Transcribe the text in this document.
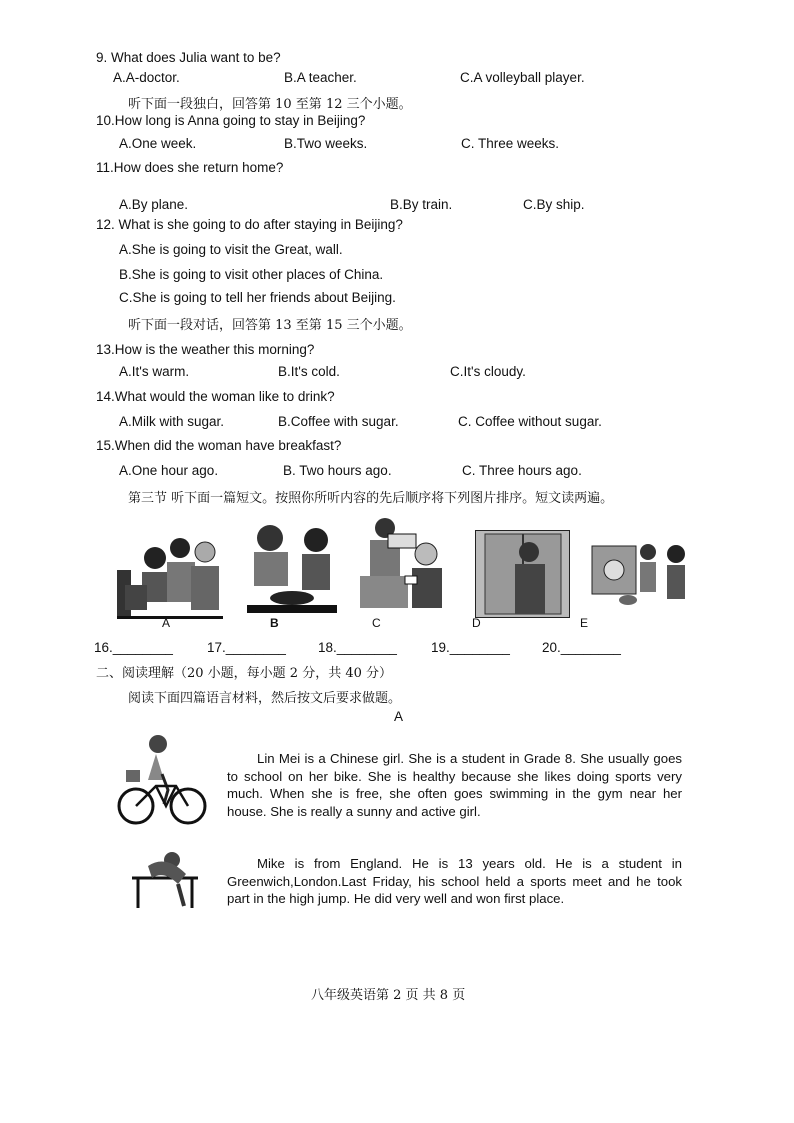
9. What does Julia want to be?
A.A-doctor.	B.A teacher.	C.A volleyball player.
听下面一段独白，回答第 10 至第 12 三个小题。
10.How long is Anna going to stay in Beijing?
A.One week.	B.Two weeks.	C. Three weeks.
11.How does she return home?
A.By plane.	B.By train.	C.By ship.
12. What is she going to do after staying in Beijing?
A.She is going to visit the Great, wall.
B.She is going to visit other places of China.
C.She is going to tell her friends about Beijing.
听下面一段对话，回答第 13 至第 15 三个小题。
13.How is the weather this morning?
A.It's warm.	B.It's cold.	C.It's cloudy.
14.What would the woman like to drink?
A.Milk with sugar.	B.Coffee with sugar.	C. Coffee without sugar.
15.When did the woman have breakfast?
A.One hour ago.	B. Two hours ago.	C. Three hours ago.
第三节 听下面一篇短文。按照你所听内容的先后顺序将下列图片排序。短文读两遍。
A	B	C	D	E
16.________	17.________ 18.________	19.________ 20.________
二、阅读理解（20 小题，每小题 2 分，共 40 分）
阅读下面四篇语言材料，然后按文后要求做题。
A
Lin Mei is a Chinese girl. She is a student in Grade 8. She usually goes to school on her bike. She is healthy because she likes doing sports very much. When she is free, she often goes swimming in the gym near her house. She is really a sunny and active girl.
Mike is from England. He is 13 years old. He is a student in Greenwich,London.Last Friday, his school held a sports meet and he took part in the high jump. He did very well and won first place.
八年级英语第 2 页 共 8 页
